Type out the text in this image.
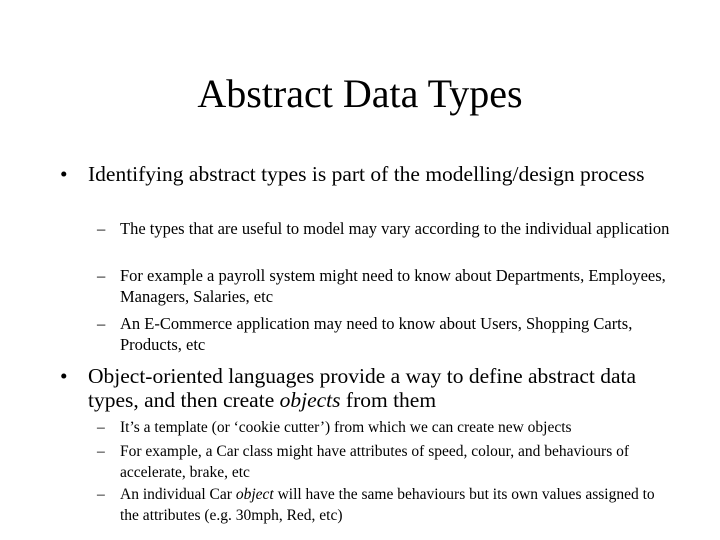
Abstract Data Types
• Identifying abstract types is part of the modelling/design process
– The types that are useful to model may vary according to the individual application
– For example a payroll system might need to know about Departments, Employees, Managers, Salaries, etc
– An E-Commerce application may need to know about Users, Shopping Carts, Products, etc
• Object-oriented languages provide a way to define abstract data types, and then create objects from them
– It’s a template (or ‘cookie cutter’) from which we can create new objects
– For example, a Car class might have attributes of speed, colour, and behaviours of accelerate, brake, etc
– An individual Car object will have the same behaviours but its own values assigned to the attributes (e.g. 30mph, Red, etc)
